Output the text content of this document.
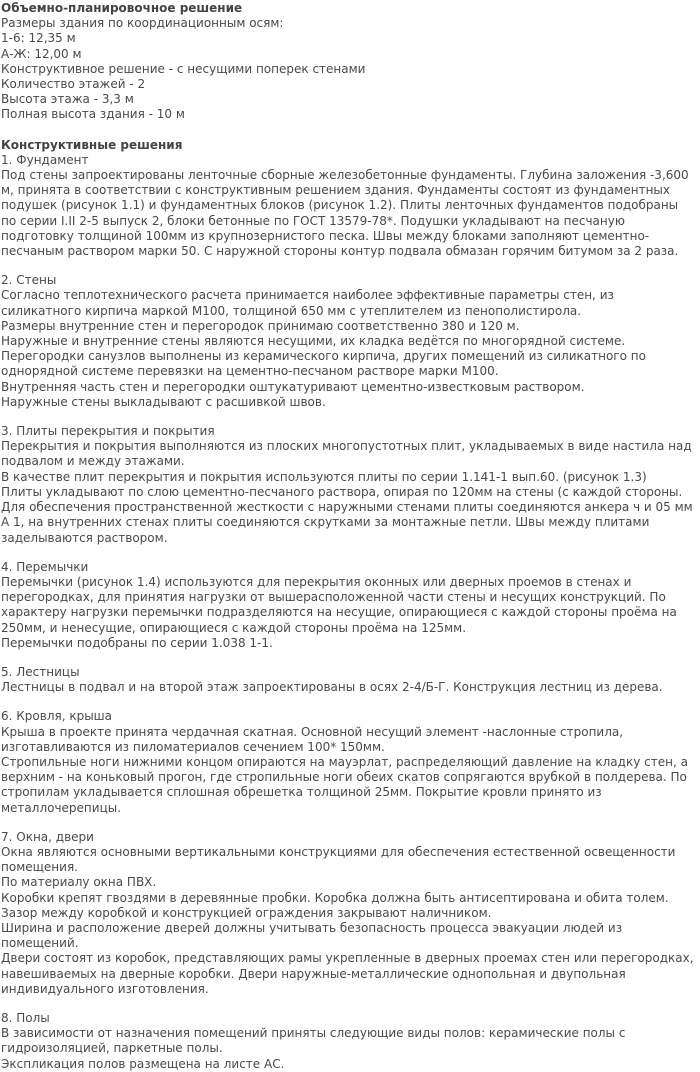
Объемно-планировочное решение

Размеры здания по координационным осям:

1-6: 12,35 м

А-Ж: 12,00 м

Конструктивное решение - с несущими поперек стенами

Количество этажей - 2

Высота этажа - 3,3 м

Полная высота здания - 10 м

Конструктивные решения

1. Фундамент

Под стены запроектированы ленточные сборные железобетонные фундаменты. Глубина заложения -3,600 м, принята в соответствии с конструктивным решением здания. Фундаменты состоят из фундаментных подушек (рисунок 1.1) и фундаментных блоков (рисунок 1.2). Плиты ленточных фундаментов подобраны по серии I.II 2-5 выпуск 2, блоки бетонные по ГОСТ 13579-78*. Подушки укладывают на песчаную подготовку толщиной 100мм из крупнозернистого песка. Швы между блоками заполняют цементно-песчаным раствором марки 50. С наружной стороны контур подвала обмазан горячим битумом за 2 раза.

2. Стены

Согласно теплотехнического расчета принимается наиболее эффективные параметры стен, из силикатного кирпича маркой М100, толщиной 650 мм с утеплителем из пенополистирола.

Размеры внутренние стен и перегородок принимаю соответственно 380 и 120 м.

Наружные и внутренние стены являются несущими, их кладка ведётся по многорядной системе. Перегородки санузлов выполнены из керамического кирпича, других помещений из силикатного по однорядной системе перевязки на цементно-песчаном растворе марки М100.

Внутренняя часть стен и перегородки оштукатуривают цементно-известковым раствором.

Наружные стены выкладывают с расшивкой швов.

3. Плиты перекрытия и покрытия

Перекрытия и покрытия выполняются из плоских многопустотных плит, укладываемых в виде настила над подвалом и между этажами.

В качестве плит перекрытия и покрытия используются плиты по серии 1.141-1 вып.60. (рисунок 1.3)

Плиты укладывают по слою цементно-песчаного раствора, опирая по 120мм на стены (с каждой стороны. Для обеспечения пространственной жесткости с наружными стенами плиты соединяются анкера ч и 05 мм А 1, на внутренних стенах плиты соединяются скрутками за монтажные петли. Швы между плитами заделываются раствором.

4. Перемычки

Перемычки (рисунок 1.4) используются для перекрытия оконных или дверных проемов в стенах и перегородках, для принятия нагрузки от вышерасположенной части стены и несущих конструкций. По характеру нагрузки перемычки подразделяются на несущие, опирающиеся с каждой стороны проёма на 250мм, и ненесущие, опирающиеся с каждой стороны проёма на 125мм.

Перемычки подобраны по серии 1.038 1-1.

5. Лестницы

Лестницы в подвал и на второй этаж запроектированы в осях 2-4/Б-Г. Конструкция лестниц из дерева.

6. Кровля, крыша

Крыша в проекте принята чердачная скатная. Основной несущий элемент -наслонные стропила, изготавливаются из пиломатериалов сечением 100* 150мм.

Стропильные ноги нижними концом опираются на мауэрлат, распределяющий давление на кладку стен, а верхним - на коньковый прогон, где стропильные ноги обеих скатов сопрягаются врубкой в полдерева. По стропилам укладывается сплошная обрешетка толщиной 25мм. Покрытие кровли принято из металлочерепицы.

7. Окна, двери

Окна являются основными вертикальными конструкциями для обеспечения естественной освещенности помещения.

По материалу окна ПВХ.

Коробки крепят гвоздями в деревянные пробки. Коробка должна быть антисептирована и обита толем. Зазор между коробкой и конструкцией ограждения закрывают наличником.

Ширина и расположение дверей должны учитывать безопасность процесса эвакуации людей из помещений.

Двери состоят из коробок, представляющих рамы укрепленные в дверных проемах стен или перегородках, навешиваемых на дверные коробки. Двери наружные-металлические однопольная и двупольная индивидуального изготовления.

8. Полы

В зависимости от назначения помещений приняты следующие виды полов: керамические полы с гидроизоляцией, паркетные полы.

Экспликация полов размещена на листе АС.
